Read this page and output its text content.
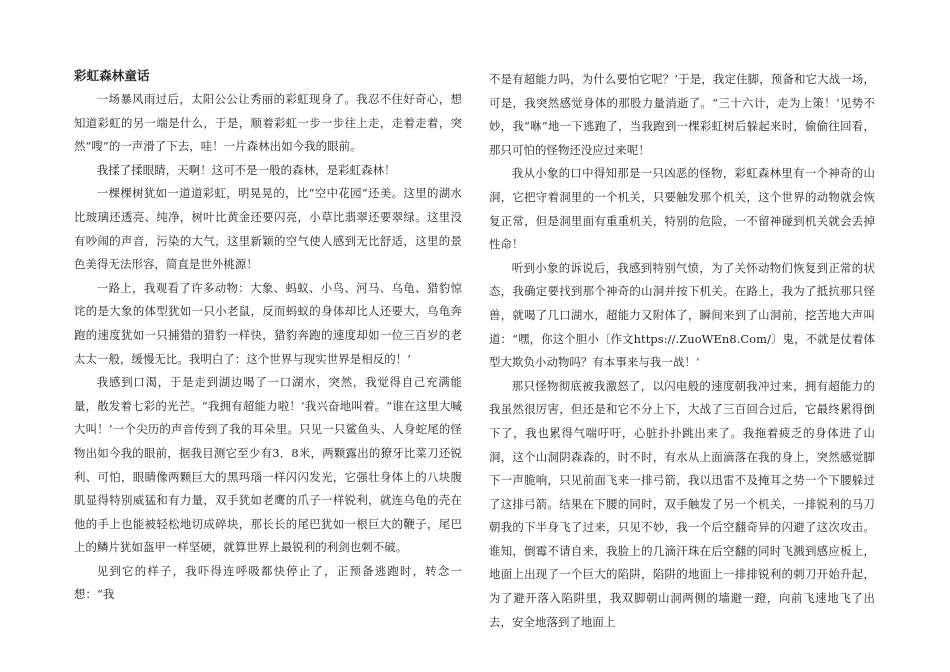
彩虹森林童话

一场暴风雨过后，太阳公公让秀丽的彩虹现身了。我忍不住好奇心，想知道彩虹的另一端是什么，于是，顺着彩虹一步一步往上走，走着走着，突然“嗖”的一声滑了下去，哇！一片森林出如今我的眼前。

我揉了揉眼睛，天啊！这可不是一般的森林，是彩虹森林！

一棵棵树犹如一道道彩虹，明晃晃的，比“空中花园”还美。这里的湖水比玻璃还透亮、纯净，树叶比黄金还要闪亮，小草比翡翠还要翠绿。这里没有吵闹的声音，污染的大气，这里新颖的空气使人感到无比舒适，这里的景色美得无法形容，简直是世外桃源！

一路上，我观看了许多动物：大象、蚂蚁、小鸟、河马、乌龟、猎豹惊诧的是大象的体型犹如一只小老鼠，反而蚂蚁的身体却比人还要大，乌龟奔跑的速度犹如一只捕猎的猎豹一样快，猎豹奔跑的速度却如一位三百岁的老太太一般，缓慢无比。我明白了：这个世界与现实世界是相反的！’

我感到口渴，于是走到湖边喝了一口湖水，突然，我觉得自己充满能量，散发着七彩的光芒。“我拥有超能力啦！’我兴奋地叫着。“谁在这里大喊大叫！’一个尖历的声音传到了我的耳朵里。只见一只鲨鱼头、人身蛇尾的怪物出如今我的眼前，据我目测它至少有3．8米，两颗露出的獠牙比菜刀还锐利、可怕，眼睛像两颗巨大的黑玛瑙一样闪闪发光，它强壮身体上的八块腹肌显得特别威猛和有力量，双手犹如老鹰的爪子一样锐利，就连乌龟的壳在他的手上也能被轻松地切成碎块，那长长的尾巴犹如一根巨大的鞭子，尾巴上的鳞片犹如盔甲一样坚硬，就算世界上最锐利的利剑也刺不破。

见到它的样子，我吓得连呼吸都快停止了，正预备逃跑时，转念一想：“我

不是有超能力吗，为什么要怕它呢？’于是，我定住脚，预备和它大战一场，可是，我突然感觉身体的那股力量消逝了。“三十六计，走为上策！’见势不妙，我“咻”地一下逃跑了，当我跑到一棵彩虹树后躲起来时，偷偷往回看，那只可怕的怪物还没应过来呢！

我从小象的口中得知那是一只凶恶的怪物，彩虹森林里有一个神奇的山洞，它把守着洞里的一个机关，只要触发那个机关，这个世界的动物就会恢复正常，但是洞里面有重重机关，特别的危险，一不留神碰到机关就会丢掉性命！

听到小象的诉说后，我感到特别气愤，为了关怀动物们恢复到正常的状态，我确定要找到那个神奇的山洞并按下机关。在路上，我为了抵抗那只怪兽，就喝了几口湖水，超能力又附体了，瞬间来到了山洞前，挖苦地大声叫道：“嘿，你这个胆小〔作文https://.ZuoWEn8.Com/〕鬼，不就是仗着体型大欺负小动物吗？有本事来与我一战！’

那只怪物彻底被我激怒了，以闪电般的速度朝我冲过来，拥有超能力的我虽然很厉害，但还是和它不分上下，大战了三百回合过后，它最终累得倒下了，我也累得气喘吁吁，心脏扑扑跳出来了。我拖着疲乏的身体进了山洞，这个山洞阴森森的，时不时，有水从上面滴落在我的身上，突然感觉脚下一声脆响，只见前面飞来一排弓箭，我以迅雷不及掩耳之势一个下腰躲过了这排弓箭。结果在下腰的同时，双手触发了另一个机关，一排锐利的马刀朝我的下半身飞了过来，只见不妙，我一个后空翻奇异的闪避了这次攻击。谁知，倒霉不请自来，我脸上的几滴汗珠在后空翻的同时飞溅到感应板上，地面上出现了一个巨大的陷阱，陷阱的地面上一排排锐利的刺刀开始升起，为了避开落入陷阱里，我双脚朝山洞两侧的墙避一蹬，向前飞速地飞了出去，安全地落到了地面上
